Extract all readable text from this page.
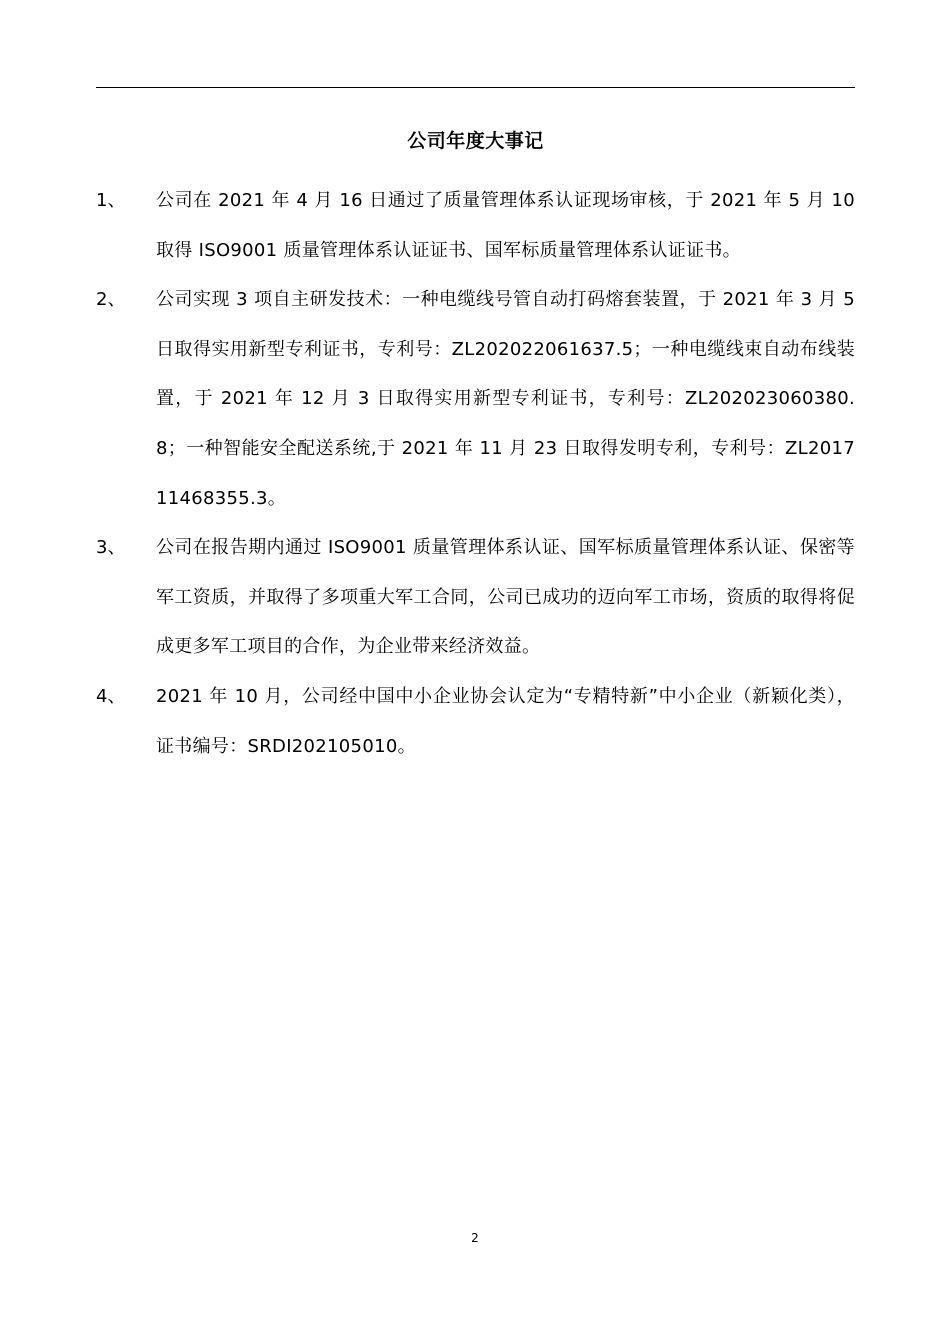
公司年度大事记
1、	公司在 2021 年 4 月 16 日通过了质量管理体系认证现场审核，于 2021 年 5 月 10 取得 ISO9001 质量管理体系认证证书、国军标质量管理体系认证证书。
2、	公司实现 3 项自主研发技术：一种电缆线号管自动打码熔套装置，于 2021 年 3 月 5 日取得实用新型专利证书，专利号：ZL202022061637.5；一种电缆线束自动布线装置，于 2021 年 12 月 3 日取得实用新型专利证书，专利号：ZL202023060380.8；一种智能安全配送系统,于 2021 年 11 月 23 日取得发明专利，专利号：ZL201711468355.3。
3、	公司在报告期内通过 ISO9001 质量管理体系认证、国军标质量管理体系认证、保密等军工资质，并取得了多项重大军工合同，公司已成功的迈向军工市场，资质的取得将促成更多军工项目的合作，为企业带来经济效益。
4、	2021 年 10 月，公司经中国中小企业协会认定为“专精特新”中小企业（新颖化类），证书编号：SRDI202105010。
2
